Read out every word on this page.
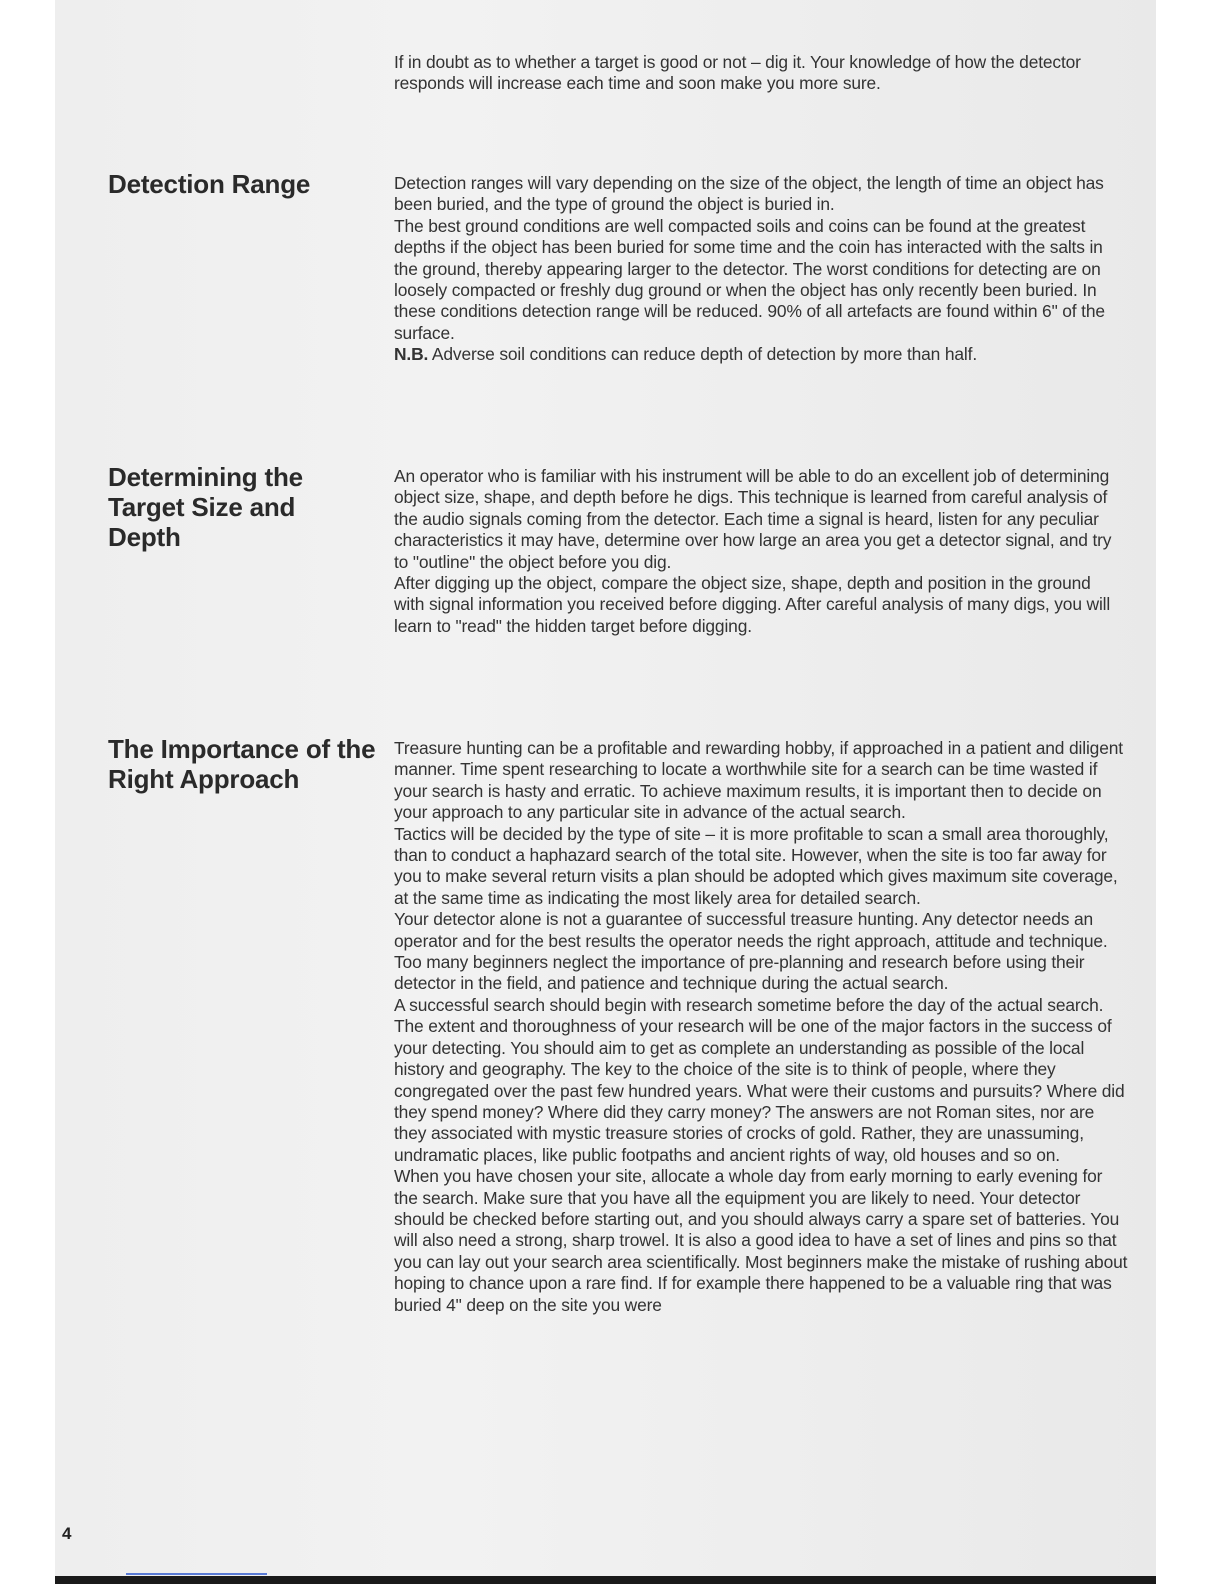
If in doubt as to whether a target is good or not – dig it. Your knowledge of how the detector responds will increase each time and soon make you more sure.

Detection Range	Detection ranges will vary depending on the size of the object, the length of time an object has been buried, and the type of ground the object is buried in.

The best ground conditions are well compacted soils and coins can be found at the greatest depths if the object has been buried for some time and the coin has interacted with the salts in the ground, thereby appearing larger to the detector. The worst conditions for detecting are on loosely compacted or freshly dug ground or when the object has only recently been buried. In these conditions detection range will be reduced. 90% of all artefacts are found within 6" of the surface.

N.B. Adverse soil conditions can reduce depth of detection by more than half.

Determining the Target Size and Depth

An operator who is familiar with his instrument will be able to do an excellent job of determining object size, shape, and depth before he digs. This technique is learned from careful analysis of the audio signals coming from the detector. Each time a signal is heard, listen for any peculiar characteristics it may have, determine over how large an area you get a detector signal, and try to "outline" the object before you dig.

After digging up the object, compare the object size, shape, depth and position in the ground with signal information you received before digging. After careful analysis of many digs, you will learn to "read" the hidden target before digging.

The Importance of the Right Approach

Treasure hunting can be a profitable and rewarding hobby, if approached in a patient and diligent manner. Time spent researching to locate a worthwhile site for a search can be time wasted if your search is hasty and erratic. To achieve maximum results, it is important then to decide on your approach to any particular site in advance of the actual search.

Tactics will be decided by the type of site – it is more profitable to scan a small area thoroughly, than to conduct a haphazard search of the total site. However, when the site is too far away for you to make several return visits a plan should be adopted which gives maximum site coverage, at the same time as indicating the most likely area for detailed search.

Your detector alone is not a guarantee of successful treasure hunting. Any detector needs an operator and for the best results the operator needs the right approach, attitude and technique. Too many beginners neglect the importance of pre-planning and research before using their detector in the field, and patience and technique during the actual search.

A successful search should begin with research sometime before the day of the actual search. The extent and thoroughness of your research will be one of the major factors in the success of your detecting. You should aim to get as complete an understanding as possible of the local history and geography. The key to the choice of the site is to think of people, where they congregated over the past few hundred years. What were their customs and pursuits? Where did they spend money? Where did they carry money? The answers are not Roman sites, nor are they associated with mystic treasure stories of crocks of gold. Rather, they are unassuming, undramatic places, like public footpaths and ancient rights of way, old houses and so on.

When you have chosen your site, allocate a whole day from early morning to early evening for the search. Make sure that you have all the equipment you are likely to need. Your detector should be checked before starting out, and you should always carry a spare set of batteries. You will also need a strong, sharp trowel. It is also a good idea to have a set of lines and pins so that you can lay out your search area scientifically. Most beginners make the mistake of rushing about hoping to chance upon a rare find. If for example there happened to be a valuable ring that was buried 4" deep on the site you were

4
